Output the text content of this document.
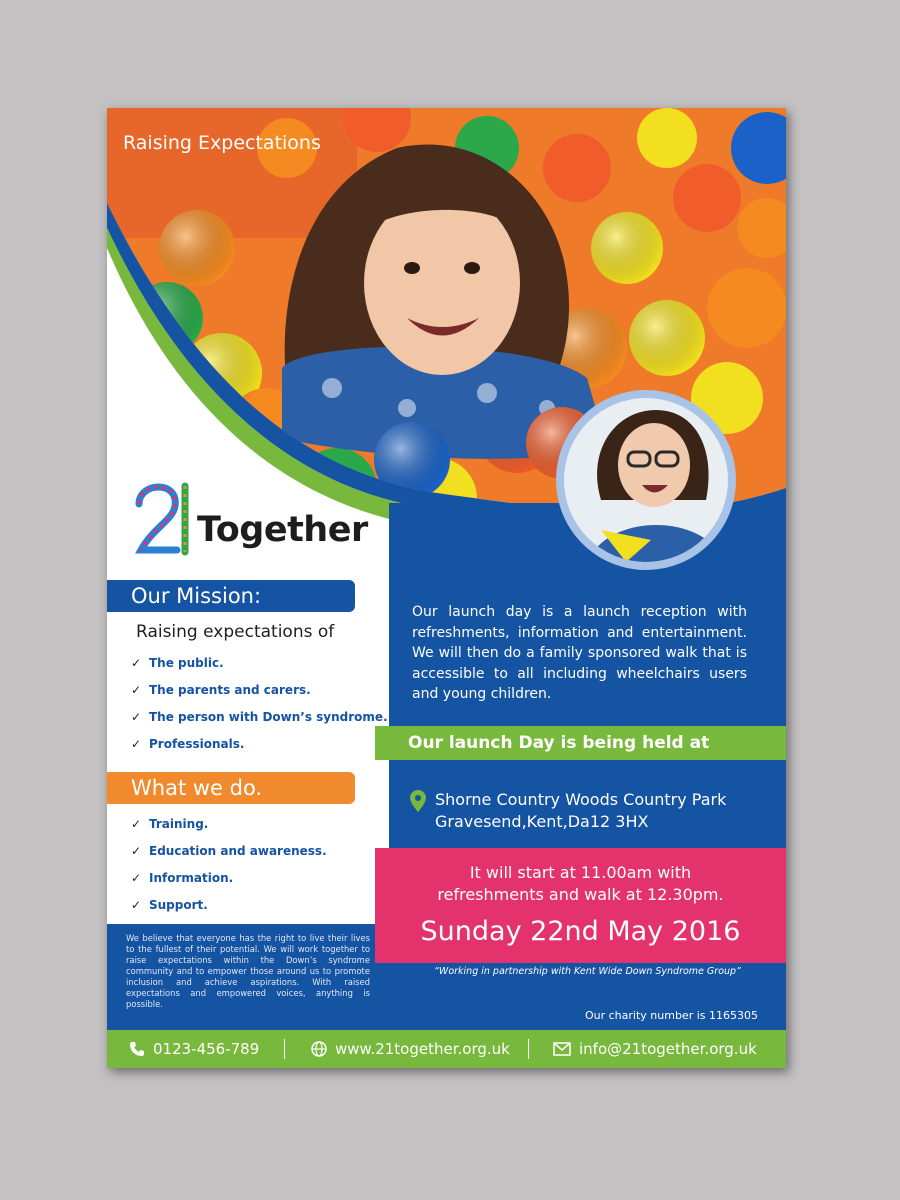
Raising Expectations
Together
Our Mission:
Raising expectations of
✓ The public.
✓ The parents and carers.
✓ The person with Down’s syndrome.
✓ Professionals.
What we do.
✓ Training.
✓ Education and awareness.
✓ Information.
✓ Support.
We believe that everyone has the right to live their lives to the fullest of their potential. We will work together to raise expectations within the Down’s syndrome community and to empower those around us to promote inclusion and achieve aspirations. With raised expectations and empowered voices, anything is possible.
Our launch day is a launch reception with refreshments, information and entertainment. We will then do a family sponsored walk that is accessible to all including wheelchairs users and young children.
Our launch Day is being held at
Shorne Country Woods Country Park
Gravesend,Kent,Da12 3HX
It will start at 11.00am with
refreshments and walk at 12.30pm.
Sunday 22nd May 2016
“Working in partnership with Kent Wide Down Syndrome Group”
Our charity number is 1165305
0123-456-789	www.21together.org.uk	info@21together.org.uk
